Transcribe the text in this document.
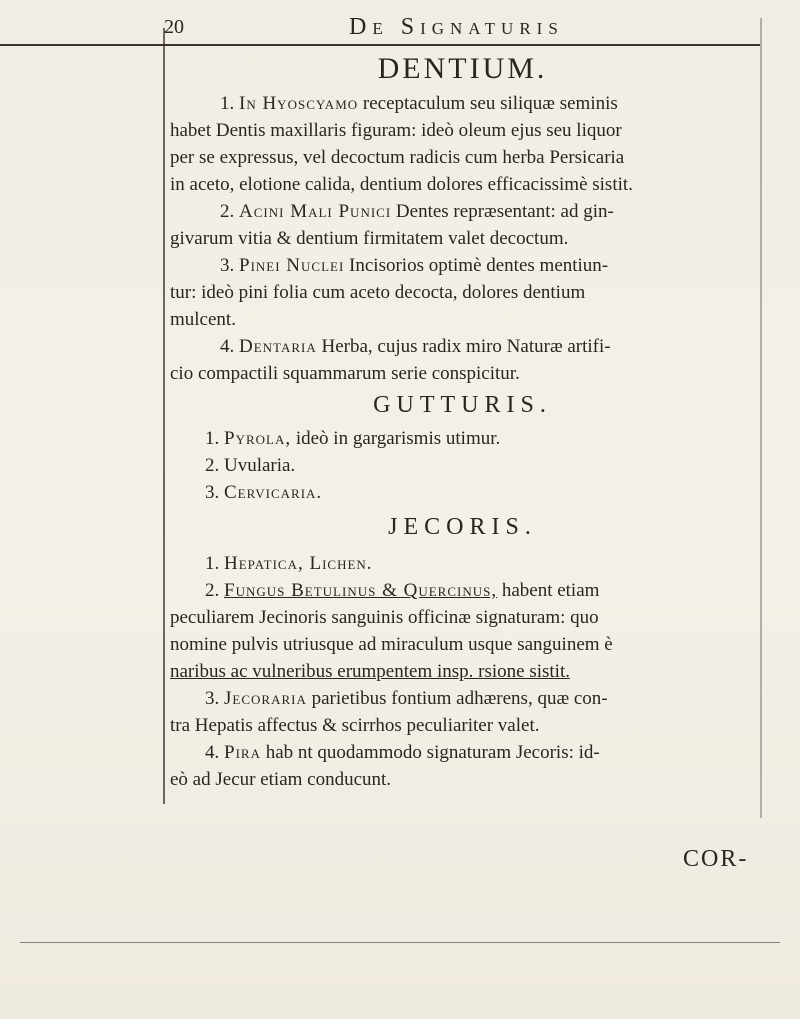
20	De Signaturis
DENTIUM.
1. In Hyoscyamo receptaculum seu siliquæ seminis
habet Dentis maxillaris figuram: ideò oleum ejus seu liquor
per se expressus, vel decoctum radicis cum herba Persicaria
in aceto, elotione calida, dentium dolores efficacissimè sistit.
2. Acini Mali Punici Dentes repræsentant: ad gin-
givarum vitia & dentium firmitatem valet decoctum.
3. Pinei Nuclei Incisorios optimè dentes mentiun-
tur: ideò pini folia cum aceto decocta, dolores dentium
mulcent.
4. Dentaria Herba, cujus radix miro Naturæ artifi-
cio compactili squammarum serie conspicitur.
GUTTURIS.
1. Pyrola, ideò in gargarismis utimur.
2. Uvularia.
3. Cervicaria.
JECORIS.
1. Hepatica, Lichen.
2. Fungus Betulinus & Quercinus, habent etiam
peculiarem Jecinoris sanguinis officinæ signaturam: quo
nomine pulvis utriusque ad miraculum usque sanguinem è
naribus ac vulneribus erumpentem insp. rsione sistit.
3. Jecoraria parietibus fontium adhærens, quæ con-
tra Hepatis affectus & scirrhos peculiariter valet.
4. Pira hab nt quodammodo signaturam Jecoris: id-
eò ad Jecur etiam conducunt.
COR-
